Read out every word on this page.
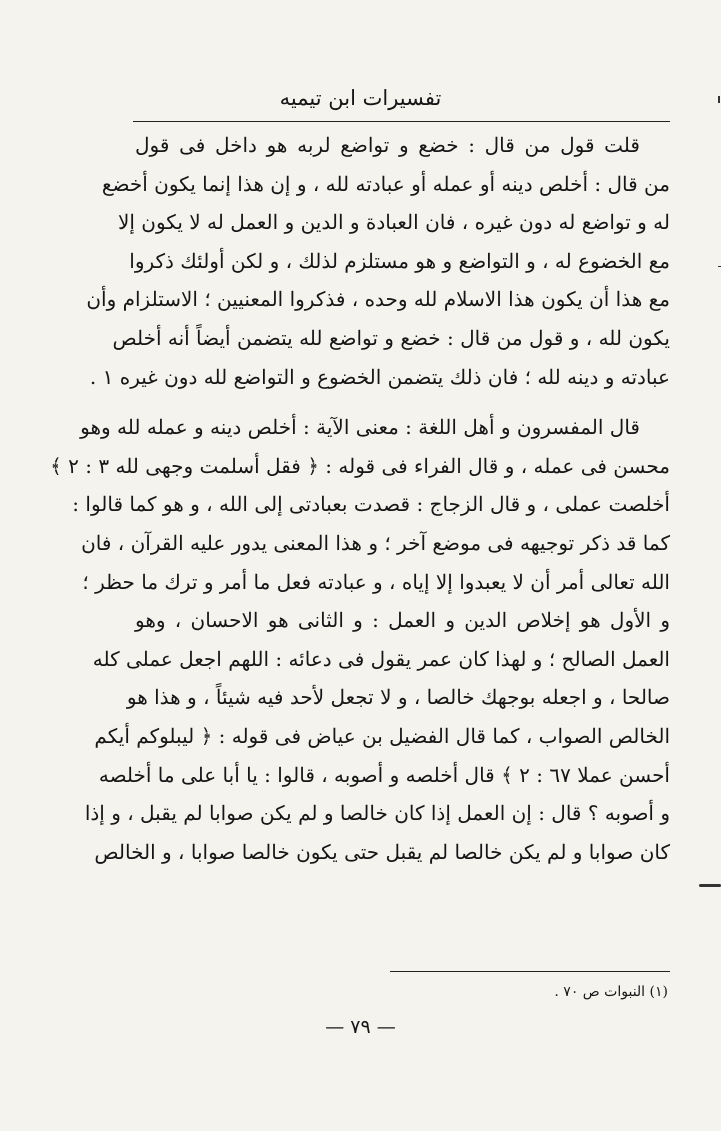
تفسيرات ابن تيميه
قلت قول من قال : خضع و تواضع لربه هو داخل فى قول
من قال : أخلص دينه أو عمله أو عبادته لله ، و إن هذا إنما يكون أخضع
له و تواضع له دون غيره ، فان العبادة و الدين و العمل له لا يكون إلا
مع الخضوع له ، و التواضع و هو مستلزم لذلك ، و لكن أولئك ذكروا
مع هذا أن يكون هذا الاسلام لله وحده ، فذكروا المعنيين ؛ الاستلزام وأن
يكون لله ، و قول من قال : خضع و تواضع لله يتضمن أيضاً أنه أخلص
عبادته و دينه لله ؛ فان ذلك يتضمن الخضوع و التواضع لله دون غيره ١ .
قال المفسرون و أهل اللغة : معنى الآية : أخلص دينه و عمله لله وهو
محسن فى عمله ، و قال الفراء فى قوله : ﴿ فقل أسلمت وجهى لله ٣ : ٢ ﴾
أخلصت عملى ، و قال الزجاج : قصدت بعبادتى إلى الله ، و هو كما قالوا :
كما قد ذكر توجيهه فى موضع آخر ؛ و هذا المعنى يدور عليه القرآن ، فان
الله تعالى أمر أن لا يعبدوا إلا إياه ، و عبادته فعل ما أمر و ترك ما حظر ؛
و الأول هو إخلاص الدين و العمل : و الثانى هو الاحسان ، وهو
العمل الصالح ؛ و لهذا كان عمر يقول فى دعائه : اللهم اجعل عملى كله
صالحا ، و اجعله بوجهك خالصا ، و لا تجعل لأحد فيه شيئاً ، و هذا هو
الخالص الصواب ، كما قال الفضيل بن عياض فى قوله : ﴿ ليبلوكم أيكم
أحسن عملا ٦٧ : ٢ ﴾ قال أخلصه و أصوبه ، قالوا : يا أبا على ما أخلصه
و أصوبه ؟ قال : إن العمل إذا كان خالصا و لم يكن صوابا لم يقبل ، و إذا
كان صوابا و لم يكن خالصا لم يقبل حتى يكون خالصا صوابا ، و الخالص
(١) النبوات ص ٧٠ .
— ٧٩ —
